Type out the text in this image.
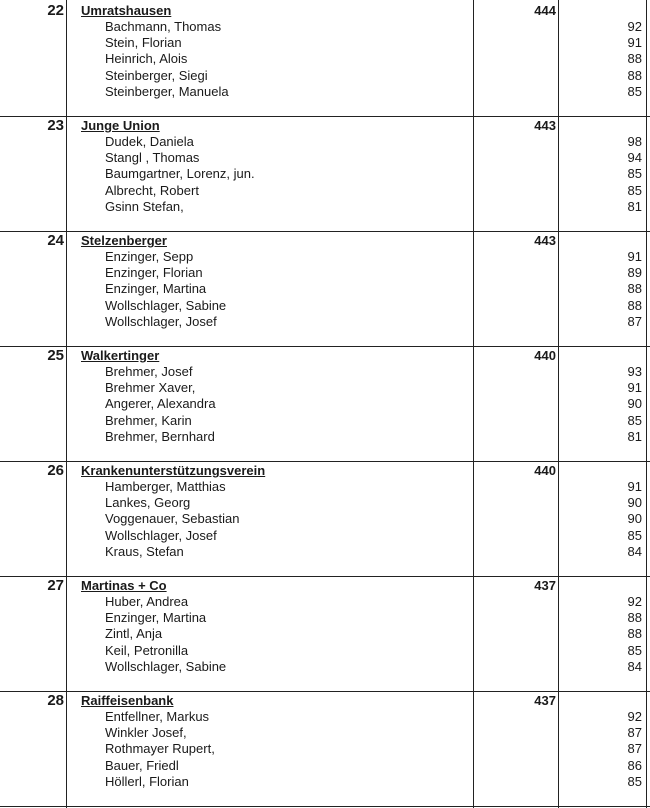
22 Umratshausen	444
Bachmann, Thomas	92
Stein, Florian	91
Heinrich, Alois	88
Steinberger, Siegi	88
Steinberger, Manuela	85
23 Junge Union	443
Dudek, Daniela	98
Stangl , Thomas	94
Baumgartner, Lorenz, jun.	85
Albrecht, Robert	85
Gsinn Stefan,	81
24 Stelzenberger	443
Enzinger, Sepp	91
Enzinger, Florian	89
Enzinger, Martina	88
Wollschlager, Sabine	88
Wollschlager, Josef	87
25 Walkertinger	440
Brehmer, Josef	93
Brehmer Xaver,	91
Angerer, Alexandra	90
Brehmer, Karin	85
Brehmer, Bernhard	81
26 Krankenunterstützungsverein	440
Hamberger, Matthias	91
Lankes, Georg	90
Voggenauer, Sebastian	90
Wollschlager, Josef	85
Kraus, Stefan	84
27 Martinas + Co	437
Huber, Andrea	92
Enzinger, Martina	88
Zintl, Anja	88
Keil, Petronilla	85
Wollschlager, Sabine	84
28 Raiffeisenbank	437
Entfellner, Markus	92
Winkler Josef,	87
Rothmayer Rupert,	87
Bauer, Friedl	86
Höllerl, Florian	85
